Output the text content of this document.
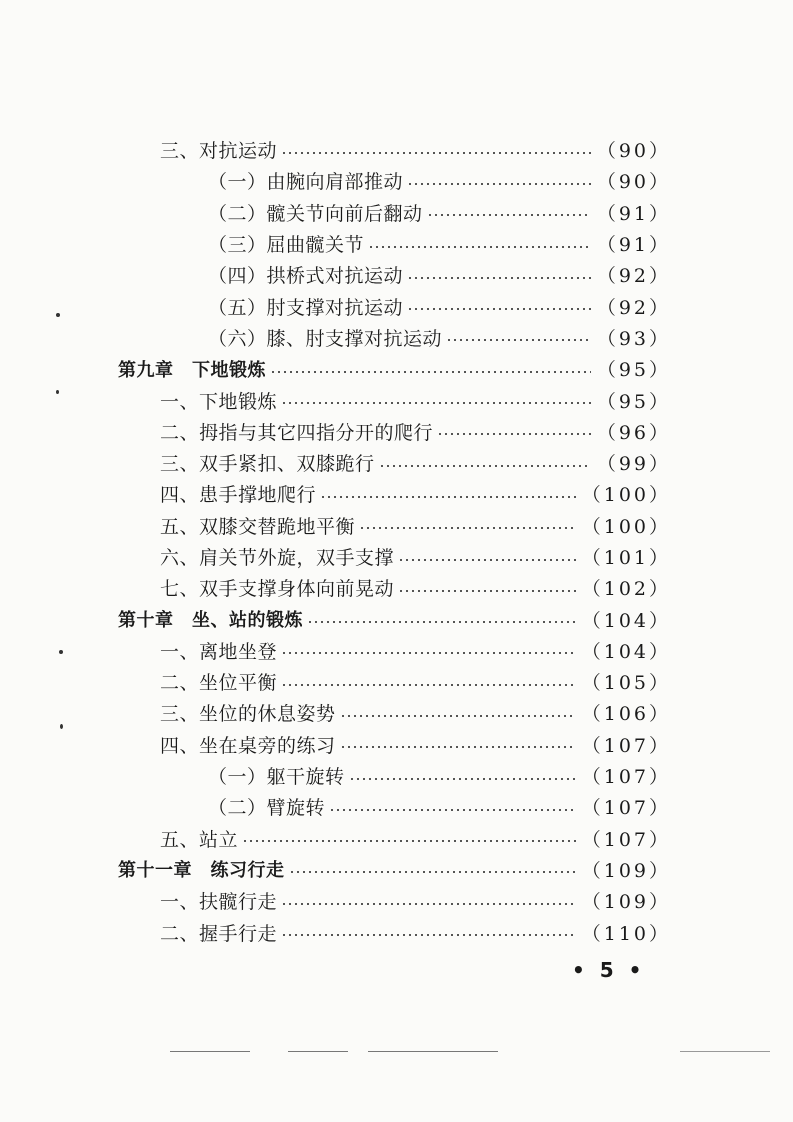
三、对抗运动	（90）
（一）由腕向肩部推动	（90）
（二）髋关节向前后翻动	（91）
（三）屈曲髋关节	（91）
（四）拱桥式对抗运动	（92）
（五）肘支撑对抗运动	（92）
（六）膝、肘支撑对抗运动	（93）
第九章　下地锻炼	（95）
一、下地锻炼	（95）
二、拇指与其它四指分开的爬行	（96）
三、双手紧扣、双膝跪行	（99）
四、患手撑地爬行	（100）
五、双膝交替跪地平衡	（100）
六、肩关节外旋，双手支撑	（101）
七、双手支撑身体向前晃动	（102）
第十章　坐、站的锻炼	（104）
一、离地坐登	（104）
二、坐位平衡	（105）
三、坐位的休息姿势	（106）
四、坐在桌旁的练习	（107）
（一）躯干旋转	（107）
（二）臂旋转	（107）
五、站立	（107）
第十一章　练习行走	（109）
一、扶髋行走	（109）
二、握手行走	（110）
• 5 •
